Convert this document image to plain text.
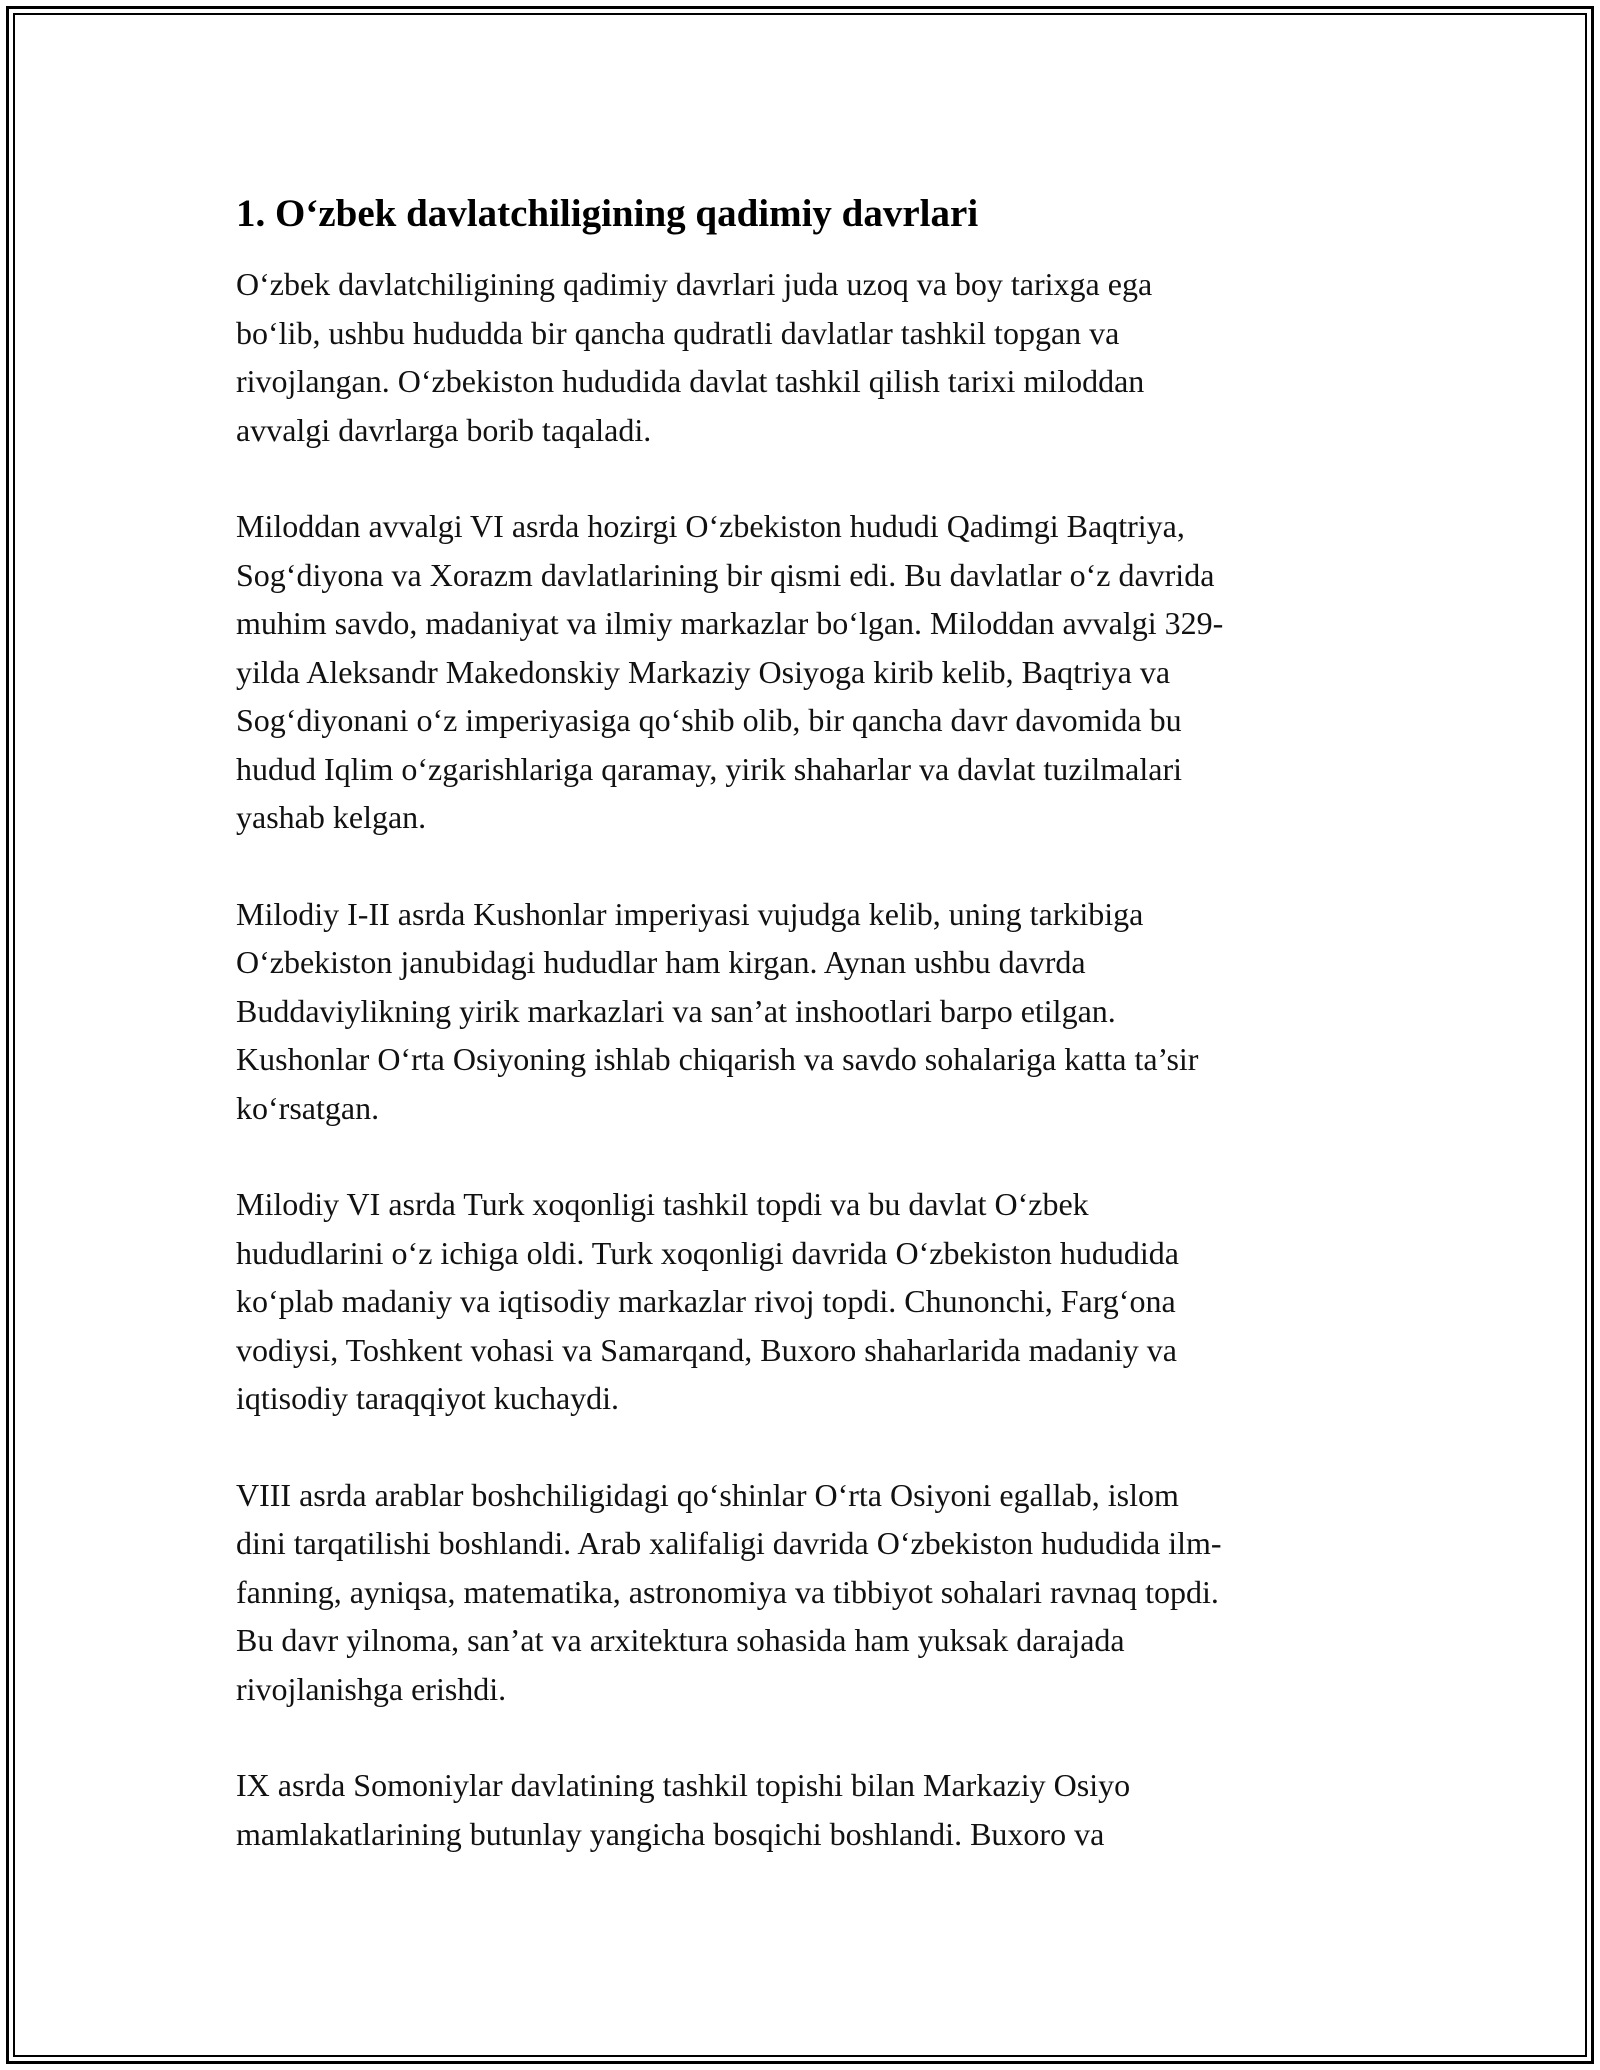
1. O‘zbek davlatchiligining qadimiy davrlari

O‘zbek davlatchiligining qadimiy davrlari juda uzoq va boy tarixga ega
bo‘lib, ushbu hududda bir qancha qudratli davlatlar tashkil topgan va
rivojlangan. O‘zbekiston hududida davlat tashkil qilish tarixi miloddan
avvalgi davrlarga borib taqaladi.

Miloddan avvalgi VI asrda hozirgi O‘zbekiston hududi Qadimgi Baqtriya,
Sog‘diyona va Xorazm davlatlarining bir qismi edi. Bu davlatlar o‘z davrida
muhim savdo, madaniyat va ilmiy markazlar bo‘lgan. Miloddan avvalgi 329-
yilda Aleksandr Makedonskiy Markaziy Osiyoga kirib kelib, Baqtriya va
Sog‘diyonani o‘z imperiyasiga qo‘shib olib, bir qancha davr davomida bu
hudud Iqlim o‘zgarishlariga qaramay, yirik shaharlar va davlat tuzilmalari
yashab kelgan.

Milodiy I-II asrda Kushonlar imperiyasi vujudga kelib, uning tarkibiga
O‘zbekiston janubidagi hududlar ham kirgan. Aynan ushbu davrda
Buddaviylikning yirik markazlari va san’at inshootlari barpo etilgan.
Kushonlar O‘rta Osiyoning ishlab chiqarish va savdo sohalariga katta ta’sir
ko‘rsatgan.

Milodiy VI asrda Turk xoqonligi tashkil topdi va bu davlat O‘zbek
hududlarini o‘z ichiga oldi. Turk xoqonligi davrida O‘zbekiston hududida
ko‘plab madaniy va iqtisodiy markazlar rivoj topdi. Chunonchi, Farg‘ona
vodiysi, Toshkent vohasi va Samarqand, Buxoro shaharlarida madaniy va
iqtisodiy taraqqiyot kuchaydi.

VIII asrda arablar boshchiligidagi qo‘shinlar O‘rta Osiyoni egallab, islom
dini tarqatilishi boshlandi. Arab xalifaligi davrida O‘zbekiston hududida ilm-
fanning, ayniqsa, matematika, astronomiya va tibbiyot sohalari ravnaq topdi.
Bu davr yilnoma, san’at va arxitektura sohasida ham yuksak darajada
rivojlanishga erishdi.

IX asrda Somoniylar davlatining tashkil topishi bilan Markaziy Osiyo
mamlakatlarining butunlay yangicha bosqichi boshlandi. Buxoro va
